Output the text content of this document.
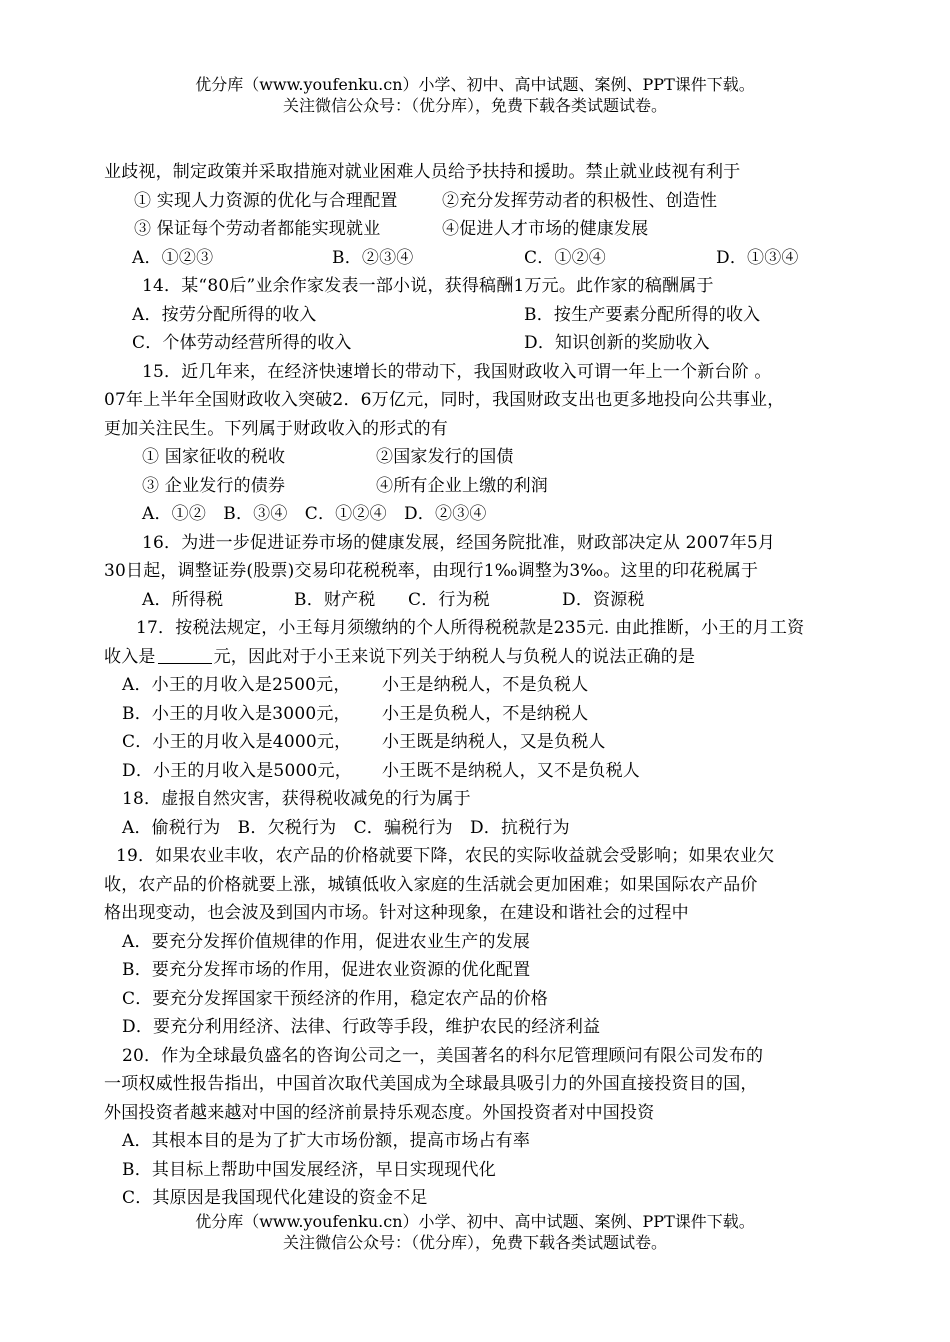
优分库（www.youfenku.cn）小学、初中、高中试题、案例、PPT课件下载。
关注微信公众号：（优分库），免费下载各类试题试卷。
业歧视，制定政策并采取措施对就业困难人员给予扶持和援助。禁止就业歧视有利于
① 实现人力资源的优化与合理配置	②充分发挥劳动者的积极性、创造性
③ 保证每个劳动者都能实现就业	④促进人才市场的健康发展
A．①②③	B．②③④	C．①②④	D．①③④
14．某“80后”业余作家发表一部小说，获得稿酬1万元。此作家的稿酬属于
A．按劳分配所得的收入	B．按生产要素分配所得的收入
C．个体劳动经营所得的收入	D．知识创新的奖励收入
15．近几年来，在经济快速增长的带动下，我国财政收入可谓一年上一个新台阶 。
07年上半年全国财政收入突破2．6万亿元，同时，我国财政支出也更多地投向公共事业，
更加关注民生。下列属于财政收入的形式的有
① 国家征收的税收	②国家发行的国债
③ 企业发行的债券	④所有企业上缴的利润
A．①②　B．③④　C．①②④　D．②③④
16．为进一步促进证券市场的健康发展，经国务院批准，财政部决定从 2007年5月
30日起，调整证券(股票)交易印花税税率，由现行1‰调整为3‰。这里的印花税属于
A．所得税	B．财产税 C．行为税	D．资源税
17．按税法规定，小王每月须缴纳的个人所得税税款是235元. 由此推断，小王的月工资
收入是	元，因此对于小王来说下列关于纳税人与负税人的说法正确的是
A．小王的月收入是2500元， 小王是纳税人，不是负税人
B．小王的月收入是3000元， 小王是负税人，不是纳税人
C．小王的月收入是4000元， 小王既是纳税人，又是负税人
D．小王的月收入是5000元， 小王既不是纳税人，又不是负税人
18．虚报自然灾害，获得税收减免的行为属于
A．偷税行为　B．欠税行为　C．骗税行为　D．抗税行为
19．如果农业丰收，农产品的价格就要下降，农民的实际收益就会受影响；如果农业欠
收，农产品的价格就要上涨，城镇低收入家庭的生活就会更加困难；如果国际农产品价
格出现变动，也会波及到国内市场。针对这种现象，在建设和谐社会的过程中
A．要充分发挥价值规律的作用，促进农业生产的发展
B．要充分发挥市场的作用，促进农业资源的优化配置
C．要充分发挥国家干预经济的作用，稳定农产品的价格
D．要充分利用经济、法律、行政等手段，维护农民的经济利益
20．作为全球最负盛名的咨询公司之一，美国著名的科尔尼管理顾问有限公司发布的
一项权威性报告指出，中国首次取代美国成为全球最具吸引力的外国直接投资目的国，
外国投资者越来越对中国的经济前景持乐观态度。外国投资者对中国投资
A．其根本目的是为了扩大市场份额，提高市场占有率
B．其目标上帮助中国发展经济，早日实现现代化
C．其原因是我国现代化建设的资金不足
优分库（www.youfenku.cn）小学、初中、高中试题、案例、PPT课件下载。
关注微信公众号：（优分库），免费下载各类试题试卷。
